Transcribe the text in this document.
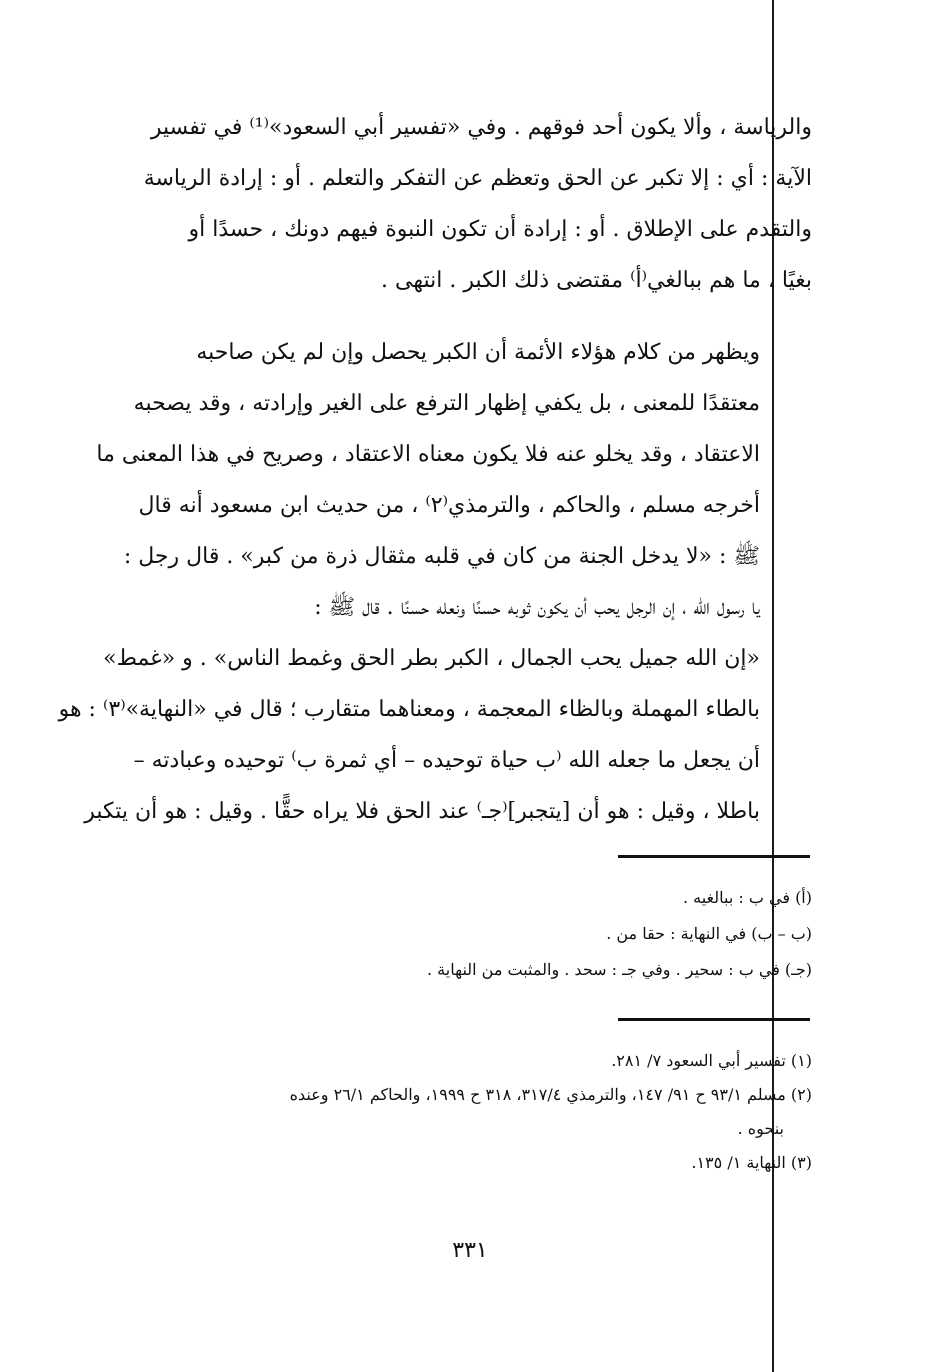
والرياسة ، وألا يكون أحد فوقهم . وفي «تفسير أبي السعود»⁽¹⁾ في تفسير
الآية : أي : إلا تكبر عن الحق وتعظم عن التفكر والتعلم . أو : إرادة الرياسة
والتقدم على الإطلاق . أو : إرادة أن تكون النبوة فيهم دونك ، حسدًا أو
بغيًا ، ما هم ببالغي⁽أ⁾ مقتضى ذلك الكبر . انتهى .
ويظهر من كلام هؤلاء الأئمة أن الكبر يحصل وإن لم يكن صاحبه
معتقدًا للمعنى ، بل يكفي إظهار الترفع على الغير وإرادته ، وقد يصحبه
الاعتقاد ، وقد يخلو عنه فلا يكون معناه الاعتقاد ، وصريح في هذا المعنى ما
أخرجه مسلم ، والحاكم ، والترمذي⁽٢⁾ ، من حديث ابن مسعود أنه قال
ﷺ : «لا يدخل الجنة من كان في قلبه مثقال ذرة من كبر» . قال رجل :
يا رسول الله ، إن الرجل يحب أن يكون ثوبه حسنًا ونعله حسنًا . قال ﷺ :
«إن الله جميل يحب الجمال ، الكبر بطر الحق وغمط الناس» . و «غمط»
بالطاء المهملة وبالظاء المعجمة ، ومعناهما متقارب ؛ قال في «النهاية»⁽٣⁾ : هو
أن يجعل ما جعله الله ⁽ب حياة توحيده – أي ثمرة ب⁾ توحيده وعبادته –
باطلا ، وقيل : هو أن [يتجبر]⁽جـ⁾ عند الحق فلا يراه حقًّا . وقيل : هو أن يتكبر
(أ) في ب : ببالغيه .
(ب – ب) في النهاية : حقا من .
(جـ) في ب : سحير . وفي جـ : سحد . والمثبت من النهاية .
(١) تفسير أبي السعود ٧/ ٢٨١.
(٢) مسلم ٩٣/١ ح ٩١/ ١٤٧، والترمذي ٣١٧/٤، ٣١٨ ح ١٩٩٩، والحاكم ٢٦/١ وعنده
بنحوه .
(٣) النهاية ١/ ١٣٥.
٣٣١
